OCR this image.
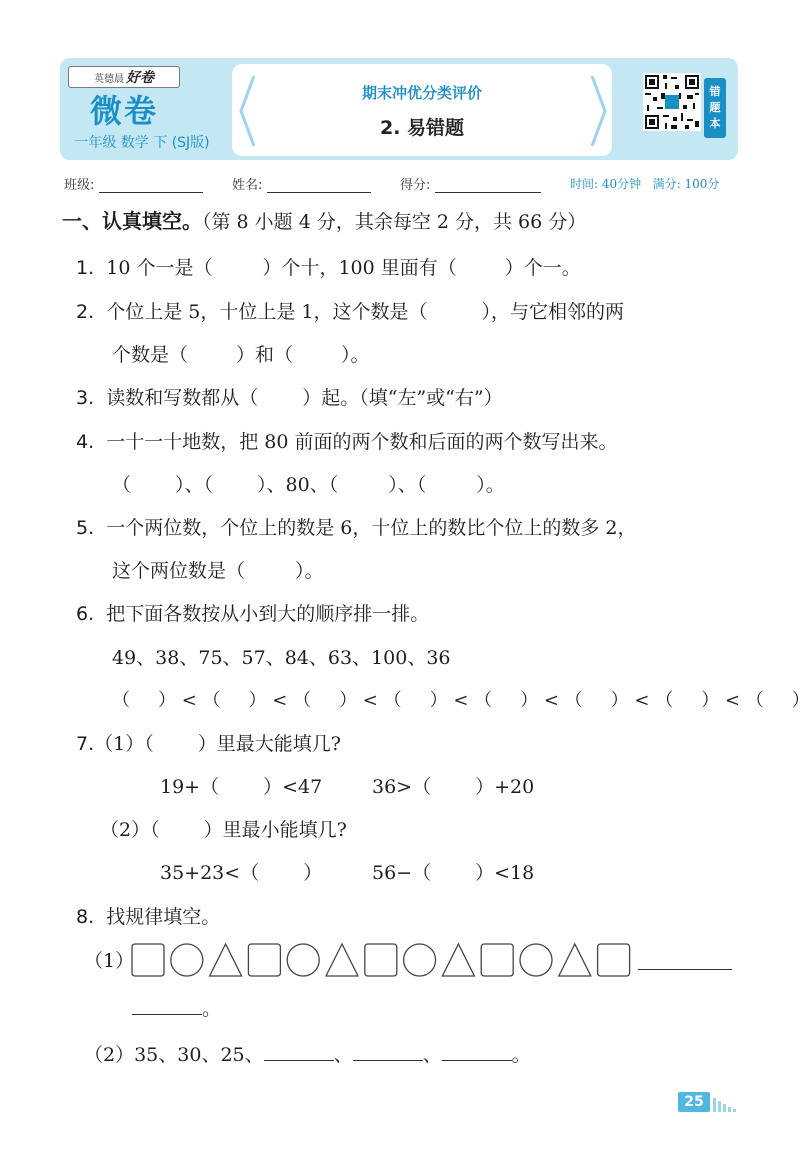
英德晨 好卷
微卷
一年级 数学 下 (SJ版)
期末冲优分类评价
2. 易错题
错
题
本
班级:	姓名:	得分:	时间: 40分钟 满分: 100分
一、认真填空。（第 8 小题 4 分，其余每空 2 分，共 66 分）
1. 10 个一是（	）个十，100 里面有（	）个一。
2. 个位上是 5，十位上是 1，这个数是（	），与它相邻的两
个数是（	）和（	）。
3. 读数和写数都从（ ）起。（填“左”或“右”）
4. 一十一十地数，把 80 前面的两个数和后面的两个数写出来。
（ ）、（ ）、80、（	）、（	）。
5. 一个两位数，个位上的数是 6，十位上的数比个位上的数多 2，
这个两位数是（	）。
6. 把下面各数按从小到大的顺序排一排。
49、38、75、57、84、63、100、36
（ ） < （ ） < （ ） < （ ） < （ ） < （ ） < （ ） < （ ）
7.（1）（ ）里最大能填几?
19+（ ）<47	36>（ ）+20
（2）（ ）里最小能填几?
35+23<（ ）	56−（ ）<18
8. 找规律填空。
（1）
。
（2）35、30、25、	、	、	。
25
